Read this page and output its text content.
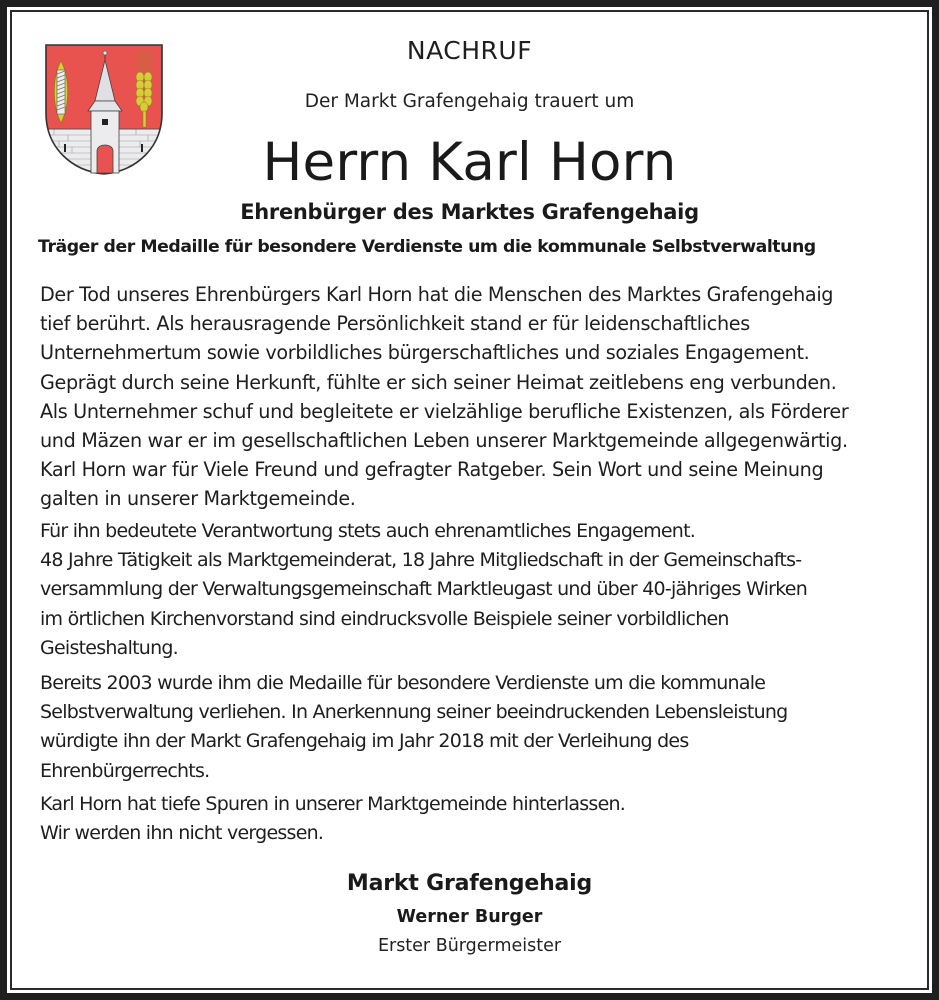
NACHRUF
Der Markt Grafengehaig trauert um
Herrn Karl Horn
Ehrenbürger des Marktes Grafengehaig
Träger der Medaille für besondere Verdienste um die kommunale Selbstverwaltung
Der Tod unseres Ehrenbürgers Karl Horn hat die Menschen des Marktes Grafengehaig
tief berührt. Als herausragende Persönlichkeit stand er für leidenschaftliches
Unternehmertum sowie vorbildliches bürgerschaftliches und soziales Engagement.
Geprägt durch seine Herkunft, fühlte er sich seiner Heimat zeitlebens eng verbunden.
Als Unternehmer schuf und begleitete er vielzählige berufliche Existenzen, als Förderer
und Mäzen war er im gesellschaftlichen Leben unserer Marktgemeinde allgegenwärtig.
Karl Horn war für Viele Freund und gefragter Ratgeber. Sein Wort und seine Meinung
galten in unserer Marktgemeinde.
Für ihn bedeutete Verantwortung stets auch ehrenamtliches Engagement.
48 Jahre Tätigkeit als Marktgemeinderat, 18 Jahre Mitgliedschaft in der Gemeinschafts-
versammlung der Verwaltungsgemeinschaft Marktleugast und über 40-jähriges Wirken
im örtlichen Kirchenvorstand sind eindrucksvolle Beispiele seiner vorbildlichen
Geisteshaltung.
Bereits 2003 wurde ihm die Medaille für besondere Verdienste um die kommunale
Selbstverwaltung verliehen. In Anerkennung seiner beeindruckenden Lebensleistung
würdigte ihn der Markt Grafengehaig im Jahr 2018 mit der Verleihung des
Ehrenbürgerrechts.
Karl Horn hat tiefe Spuren in unserer Marktgemeinde hinterlassen.
Wir werden ihn nicht vergessen.
Markt Grafengehaig
Werner Burger
Erster Bürgermeister
